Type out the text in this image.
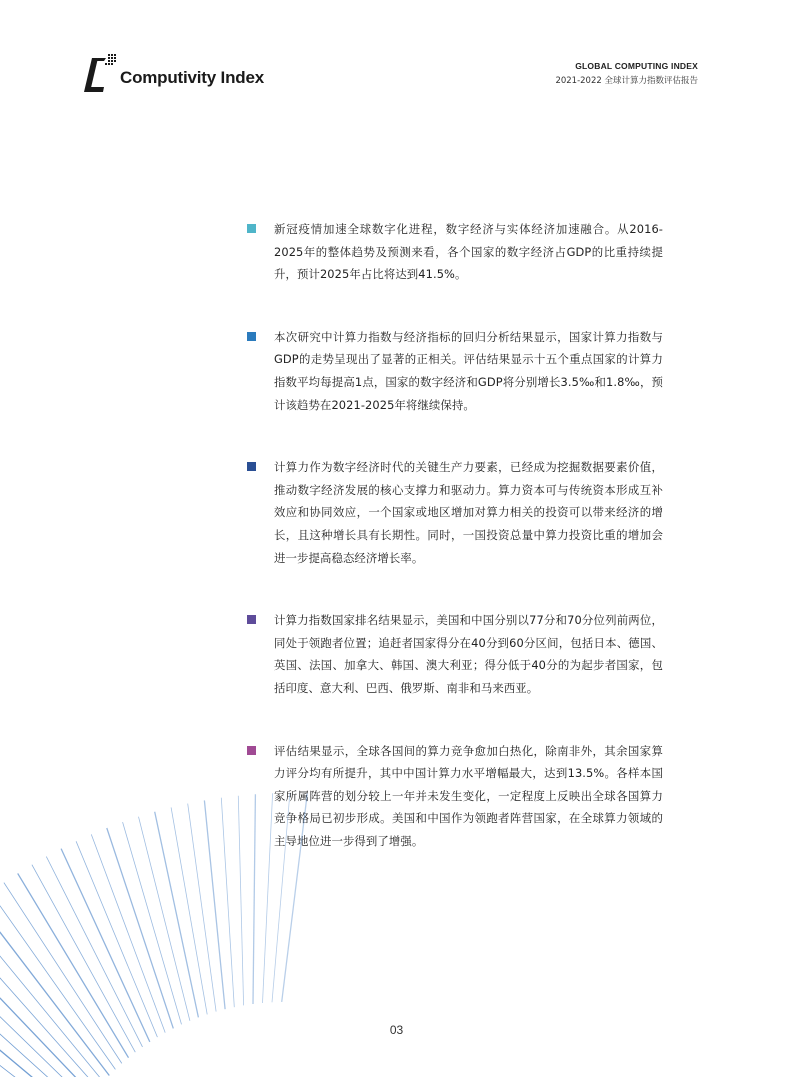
Computivity Index
GLOBAL COMPUTING INDEX
2021-2022 全球计算力指数评估报告

新冠疫情加速全球数字化进程，数字经济与实体经济加速融合。从2016-2025年的整体趋势及预测来看，各个国家的数字经济占GDP的比重持续提升，预计2025年占比将达到41.5%。

本次研究中计算力指数与经济指标的回归分析结果显示，国家计算力指数与GDP的走势呈现出了显著的正相关。评估结果显示十五个重点国家的计算力指数平均每提高1点，国家的数字经济和GDP将分别增长3.5‰和1.8‰，预计该趋势在2021-2025年将继续保持。

计算力作为数字经济时代的关键生产力要素，已经成为挖掘数据要素价值，推动数字经济发展的核心支撑力和驱动力。算力资本可与传统资本形成互补效应和协同效应，一个国家或地区增加对算力相关的投资可以带来经济的增长，且这种增长具有长期性。同时，一国投资总量中算力投资比重的增加会进一步提高稳态经济增长率。

计算力指数国家排名结果显示，美国和中国分别以77分和70分位列前两位，同处于领跑者位置；追赶者国家得分在40分到60分区间，包括日本、德国、英国、法国、加拿大、韩国、澳大利亚；得分低于40分的为起步者国家，包括印度、意大利、巴西、俄罗斯、南非和马来西亚。

评估结果显示，全球各国间的算力竞争愈加白热化，除南非外，其余国家算力评分均有所提升，其中中国计算力水平增幅最大，达到13.5%。各样本国家所属阵营的划分较上一年并未发生变化，一定程度上反映出全球各国算力竞争格局已初步形成。美国和中国作为领跑者阵营国家，在全球算力领域的主导地位进一步得到了增强。

03
